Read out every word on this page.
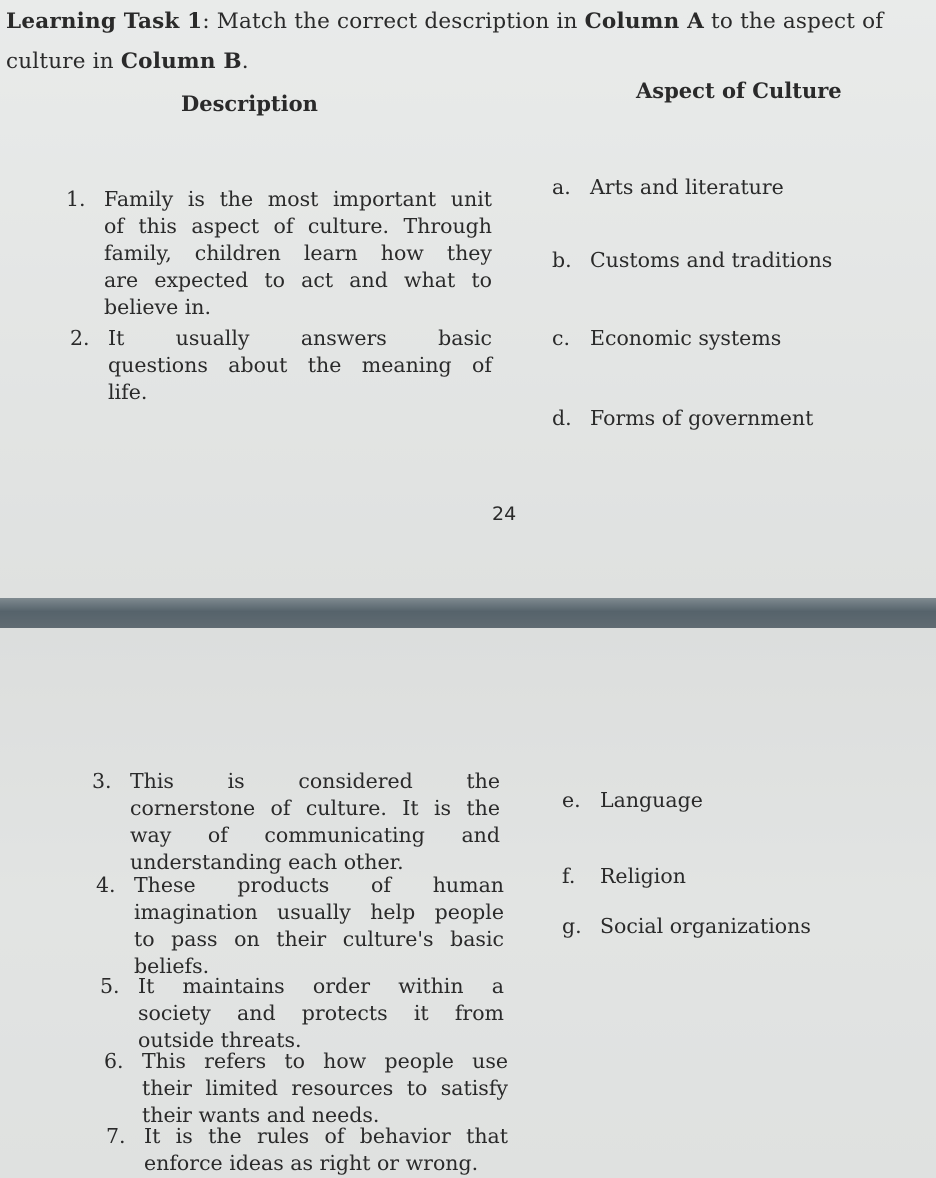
Learning Task 1: Match the correct description in Column A to the aspect of culture in Column B.

Description
Aspect of Culture
1. Family is the most important unit
of this aspect of culture. Through
family, children learn how they
are expected to act and what to
believe in.
2. It usually answers basic
questions about the meaning of
life.
3. This is considered the
cornerstone of culture. It is the
way of communicating and
understanding each other.
4. These products of human
imagination usually help people
to pass on their culture's basic
beliefs.
5. It maintains order within a
society and protects it from
outside threats.
6. This refers to how people use
their limited resources to satisfy
their wants and needs.
7. It is the rules of behavior that
enforce ideas as right or wrong.
a. Arts and literature
b. Customs and traditions
c. Economic systems
d. Forms of government
e. Language
f. Religion
g. Social organizations
24
